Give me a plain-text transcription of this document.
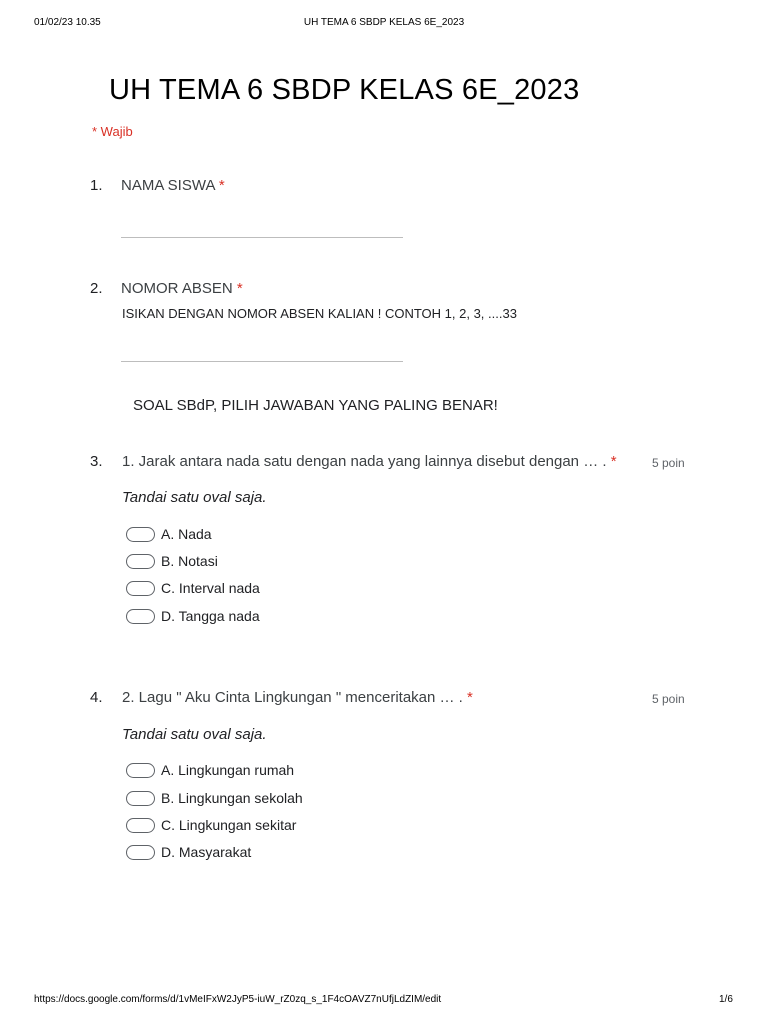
01/02/23 10.35	UH TEMA 6 SBDP KELAS 6E_2023
UH TEMA 6 SBDP KELAS 6E_2023
* Wajib
1. NAMA SISWA *
2. NOMOR ABSEN *
ISIKAN DENGAN NOMOR ABSEN KALIAN ! CONTOH 1, 2, 3, ....33
SOAL SBdP, PILIH JAWABAN YANG PALING BENAR!
3. 1. Jarak antara nada satu dengan nada yang lainnya disebut dengan … . *	5 poin
Tandai satu oval saja.
A. Nada
B. Notasi
C. Interval nada
D. Tangga nada
4. 2. Lagu " Aku Cinta Lingkungan " menceritakan … . *	5 poin
Tandai satu oval saja.
A. Lingkungan rumah
B. Lingkungan sekolah
C. Lingkungan sekitar
D. Masyarakat
https://docs.google.com/forms/d/1vMeIFxW2JyP5-iuW_rZ0zq_s_1F4cOAVZ7nUfjLdZIM/edit	1/6
